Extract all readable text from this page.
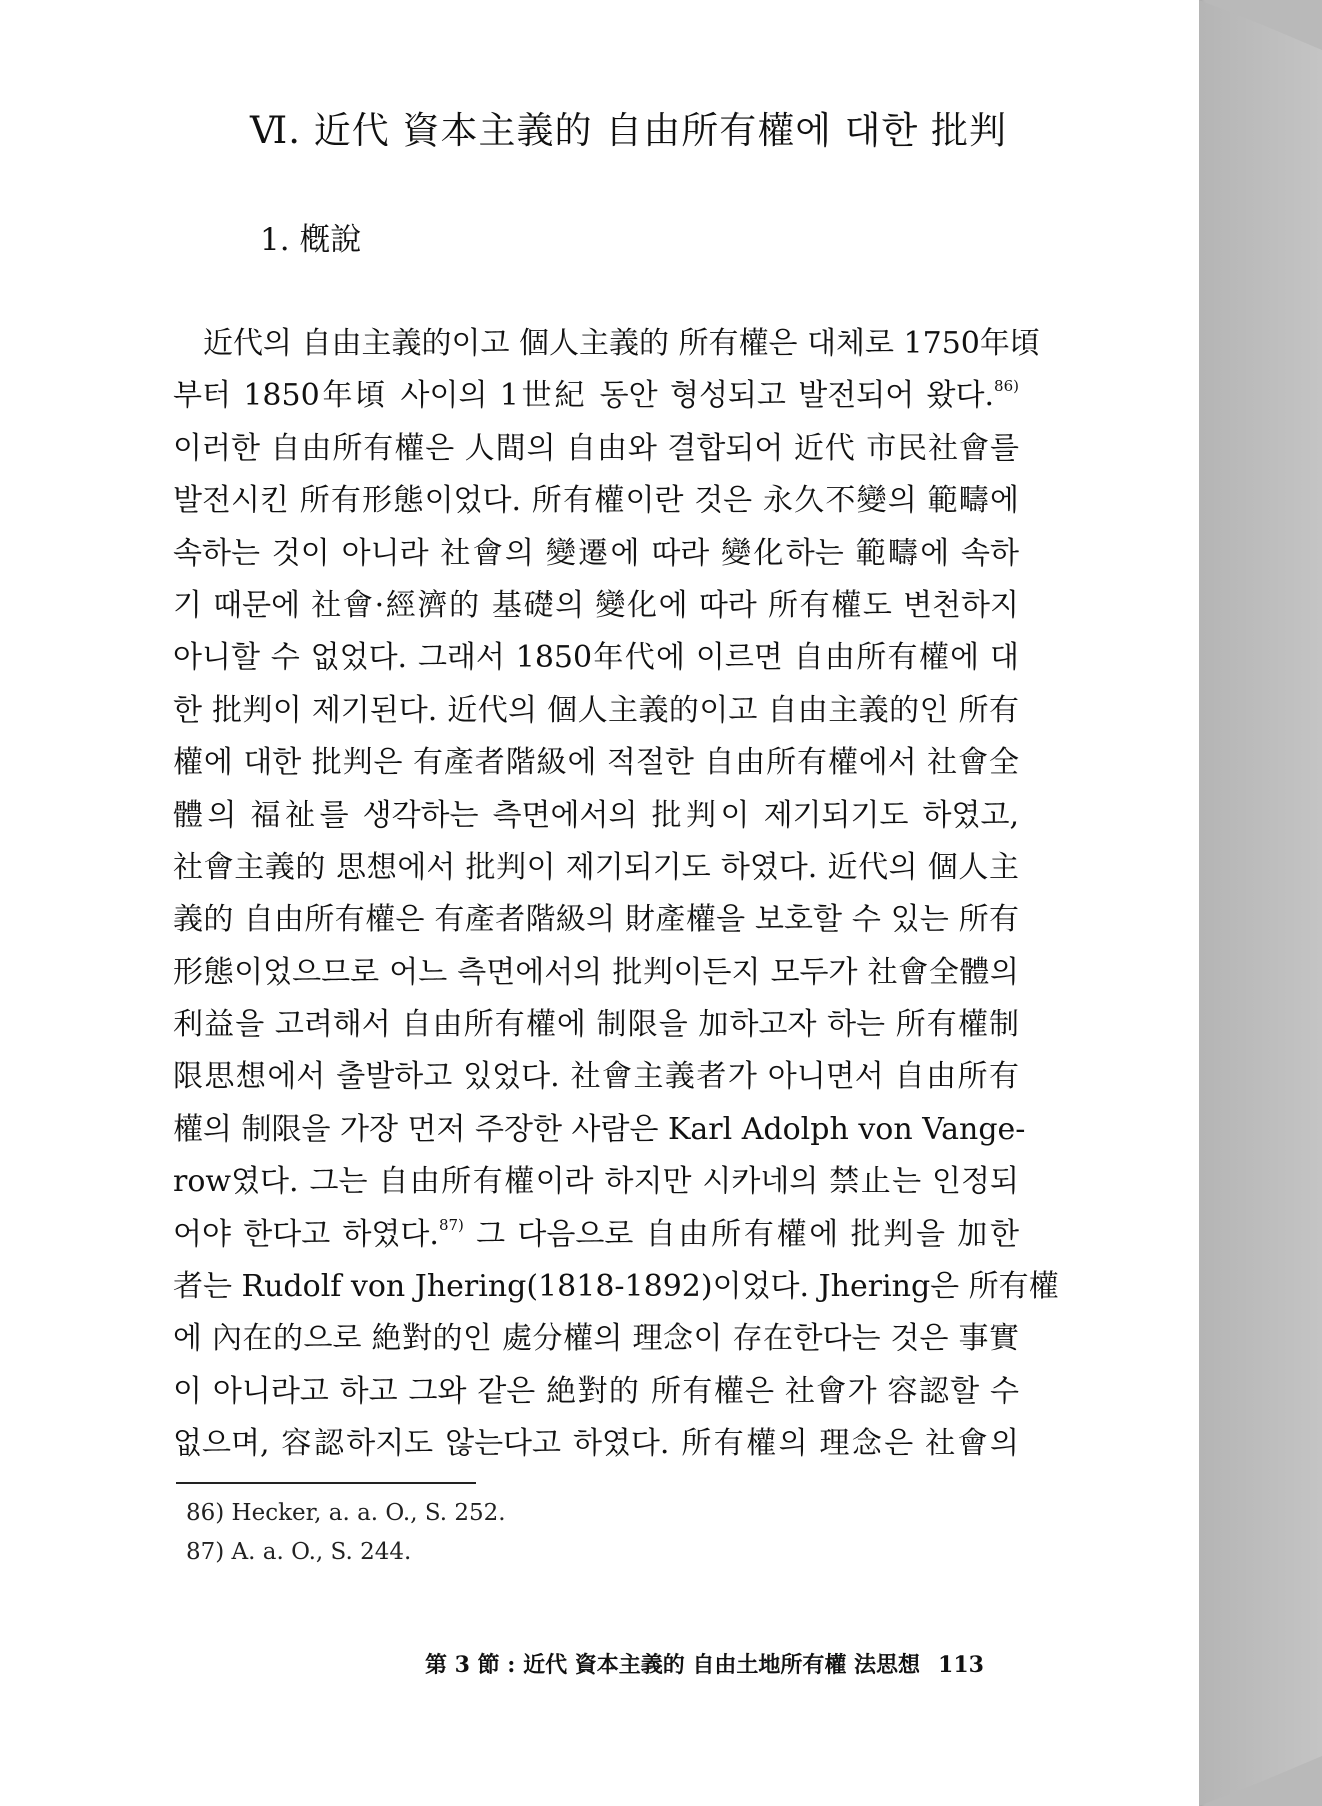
Ⅵ. 近代 資本主義的 自由所有權에 대한 批判
1. 槪說
近代의 自由主義的이고 個人主義的 所有權은 대체로 1750年頃
부터 1850年頃 사이의 1世紀 동안 형성되고 발전되어 왔다.$^{86)}$
이러한 自由所有權은 人間의 自由와 결합되어 近代 市民社會를
발전시킨 所有形態이었다. 所有權이란 것은 永久不變의 範疇에
속하는 것이 아니라 社會의 變遷에 따라 變化하는 範疇에 속하
기 때문에 社會·經濟的 基礎의 變化에 따라 所有權도 변천하지
아니할 수 없었다. 그래서 1850年代에 이르면 自由所有權에 대
한 批判이 제기된다. 近代의 個人主義的이고 自由主義的인 所有
權에 대한 批判은 有產者階級에 적절한 自由所有權에서 社會全
體의 福祉를 생각하는 측면에서의 批判이 제기되기도 하였고,
社會主義的 思想에서 批判이 제기되기도 하였다. 近代의 個人主
義的 自由所有權은 有產者階級의 財產權을 보호할 수 있는 所有
形態이었으므로 어느 측면에서의 批判이든지 모두가 社會全體의
利益을 고려해서 自由所有權에 制限을 加하고자 하는 所有權制
限思想에서 출발하고 있었다. 社會主義者가 아니면서 自由所有
權의 制限을 가장 먼저 주장한 사람은 Karl Adolph von Vange-
row였다. 그는 自由所有權이라 하지만 시카네의 禁止는 인정되
어야 한다고 하였다.$^{87)}$ 그 다음으로 自由所有權에 批判을 加한
者는 Rudolf von Jhering(1818-1892)이었다. Jhering은 所有權
에 內在的으로 絶對的인 處分權의 理念이 存在한다는 것은 事實
이 아니라고 하고 그와 같은 絶對的 所有權은 社會가 容認할 수
없으며, 容認하지도 않는다고 하였다. 所有權의 理念은 社會의
86) Hecker, a. a. O., S. 252.
87) A. a. O., S. 244.
第 3 節 : 近代 資本主義的 自由土地所有權 法思想 113
